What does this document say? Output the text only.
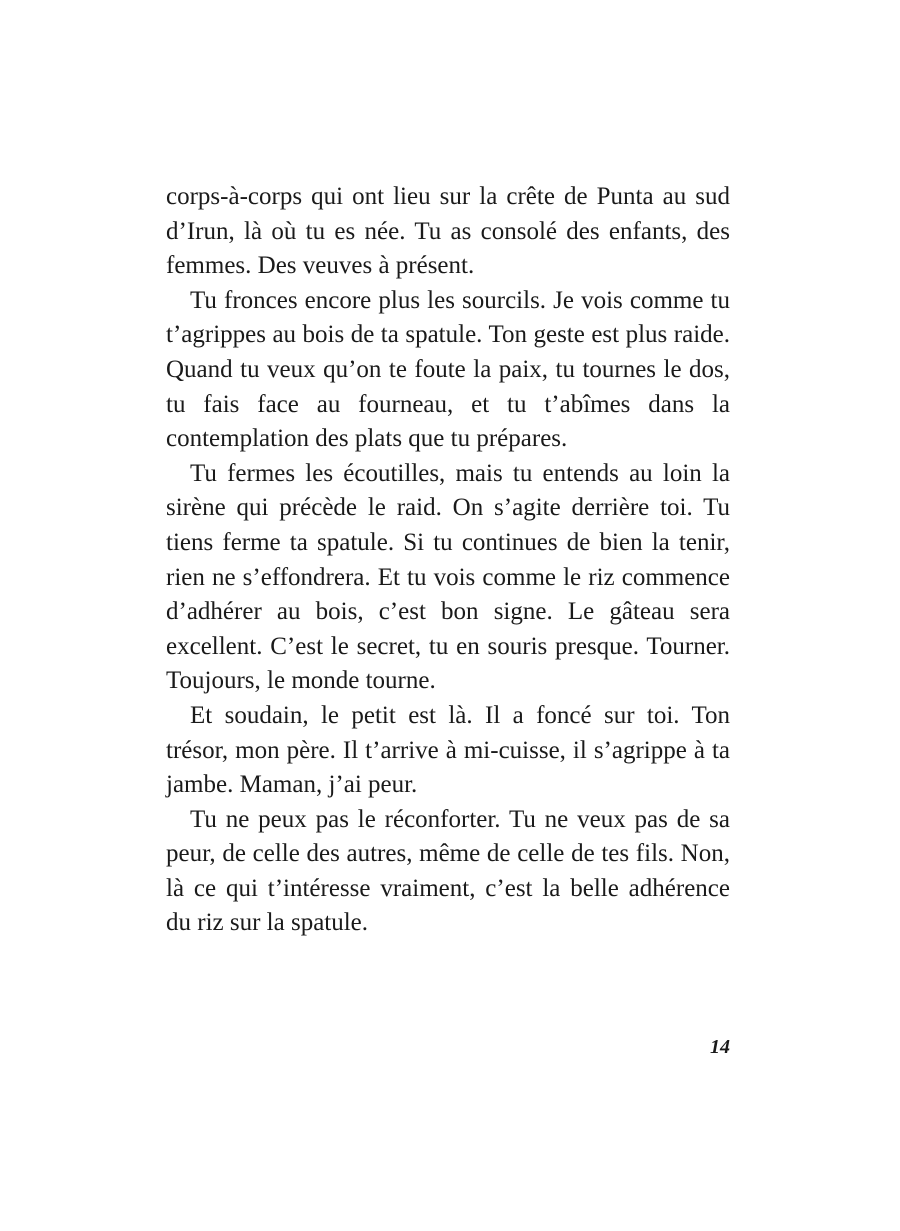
corps-à-corps qui ont lieu sur la crête de Punta au sud d’Irun, là où tu es née. Tu as consolé des enfants, des femmes. Des veuves à présent.

Tu fronces encore plus les sourcils. Je vois comme tu t’agrippes au bois de ta spatule. Ton geste est plus raide. Quand tu veux qu’on te foute la paix, tu tournes le dos, tu fais face au fourneau, et tu t’abîmes dans la contemplation des plats que tu prépares.

Tu fermes les écoutilles, mais tu entends au loin la sirène qui précède le raid. On s’agite derrière toi. Tu tiens ferme ta spatule. Si tu continues de bien la tenir, rien ne s’effondrera. Et tu vois comme le riz commence d’adhérer au bois, c’est bon signe. Le gâteau sera excellent. C’est le secret, tu en souris presque. Tourner. Toujours, le monde tourne.

Et soudain, le petit est là. Il a foncé sur toi. Ton trésor, mon père. Il t’arrive à mi-cuisse, il s’agrippe à ta jambe. Maman, j’ai peur.

Tu ne peux pas le réconforter. Tu ne veux pas de sa peur, de celle des autres, même de celle de tes fils. Non, là ce qui t’intéresse vraiment, c’est la belle adhérence du riz sur la spatule.

14
